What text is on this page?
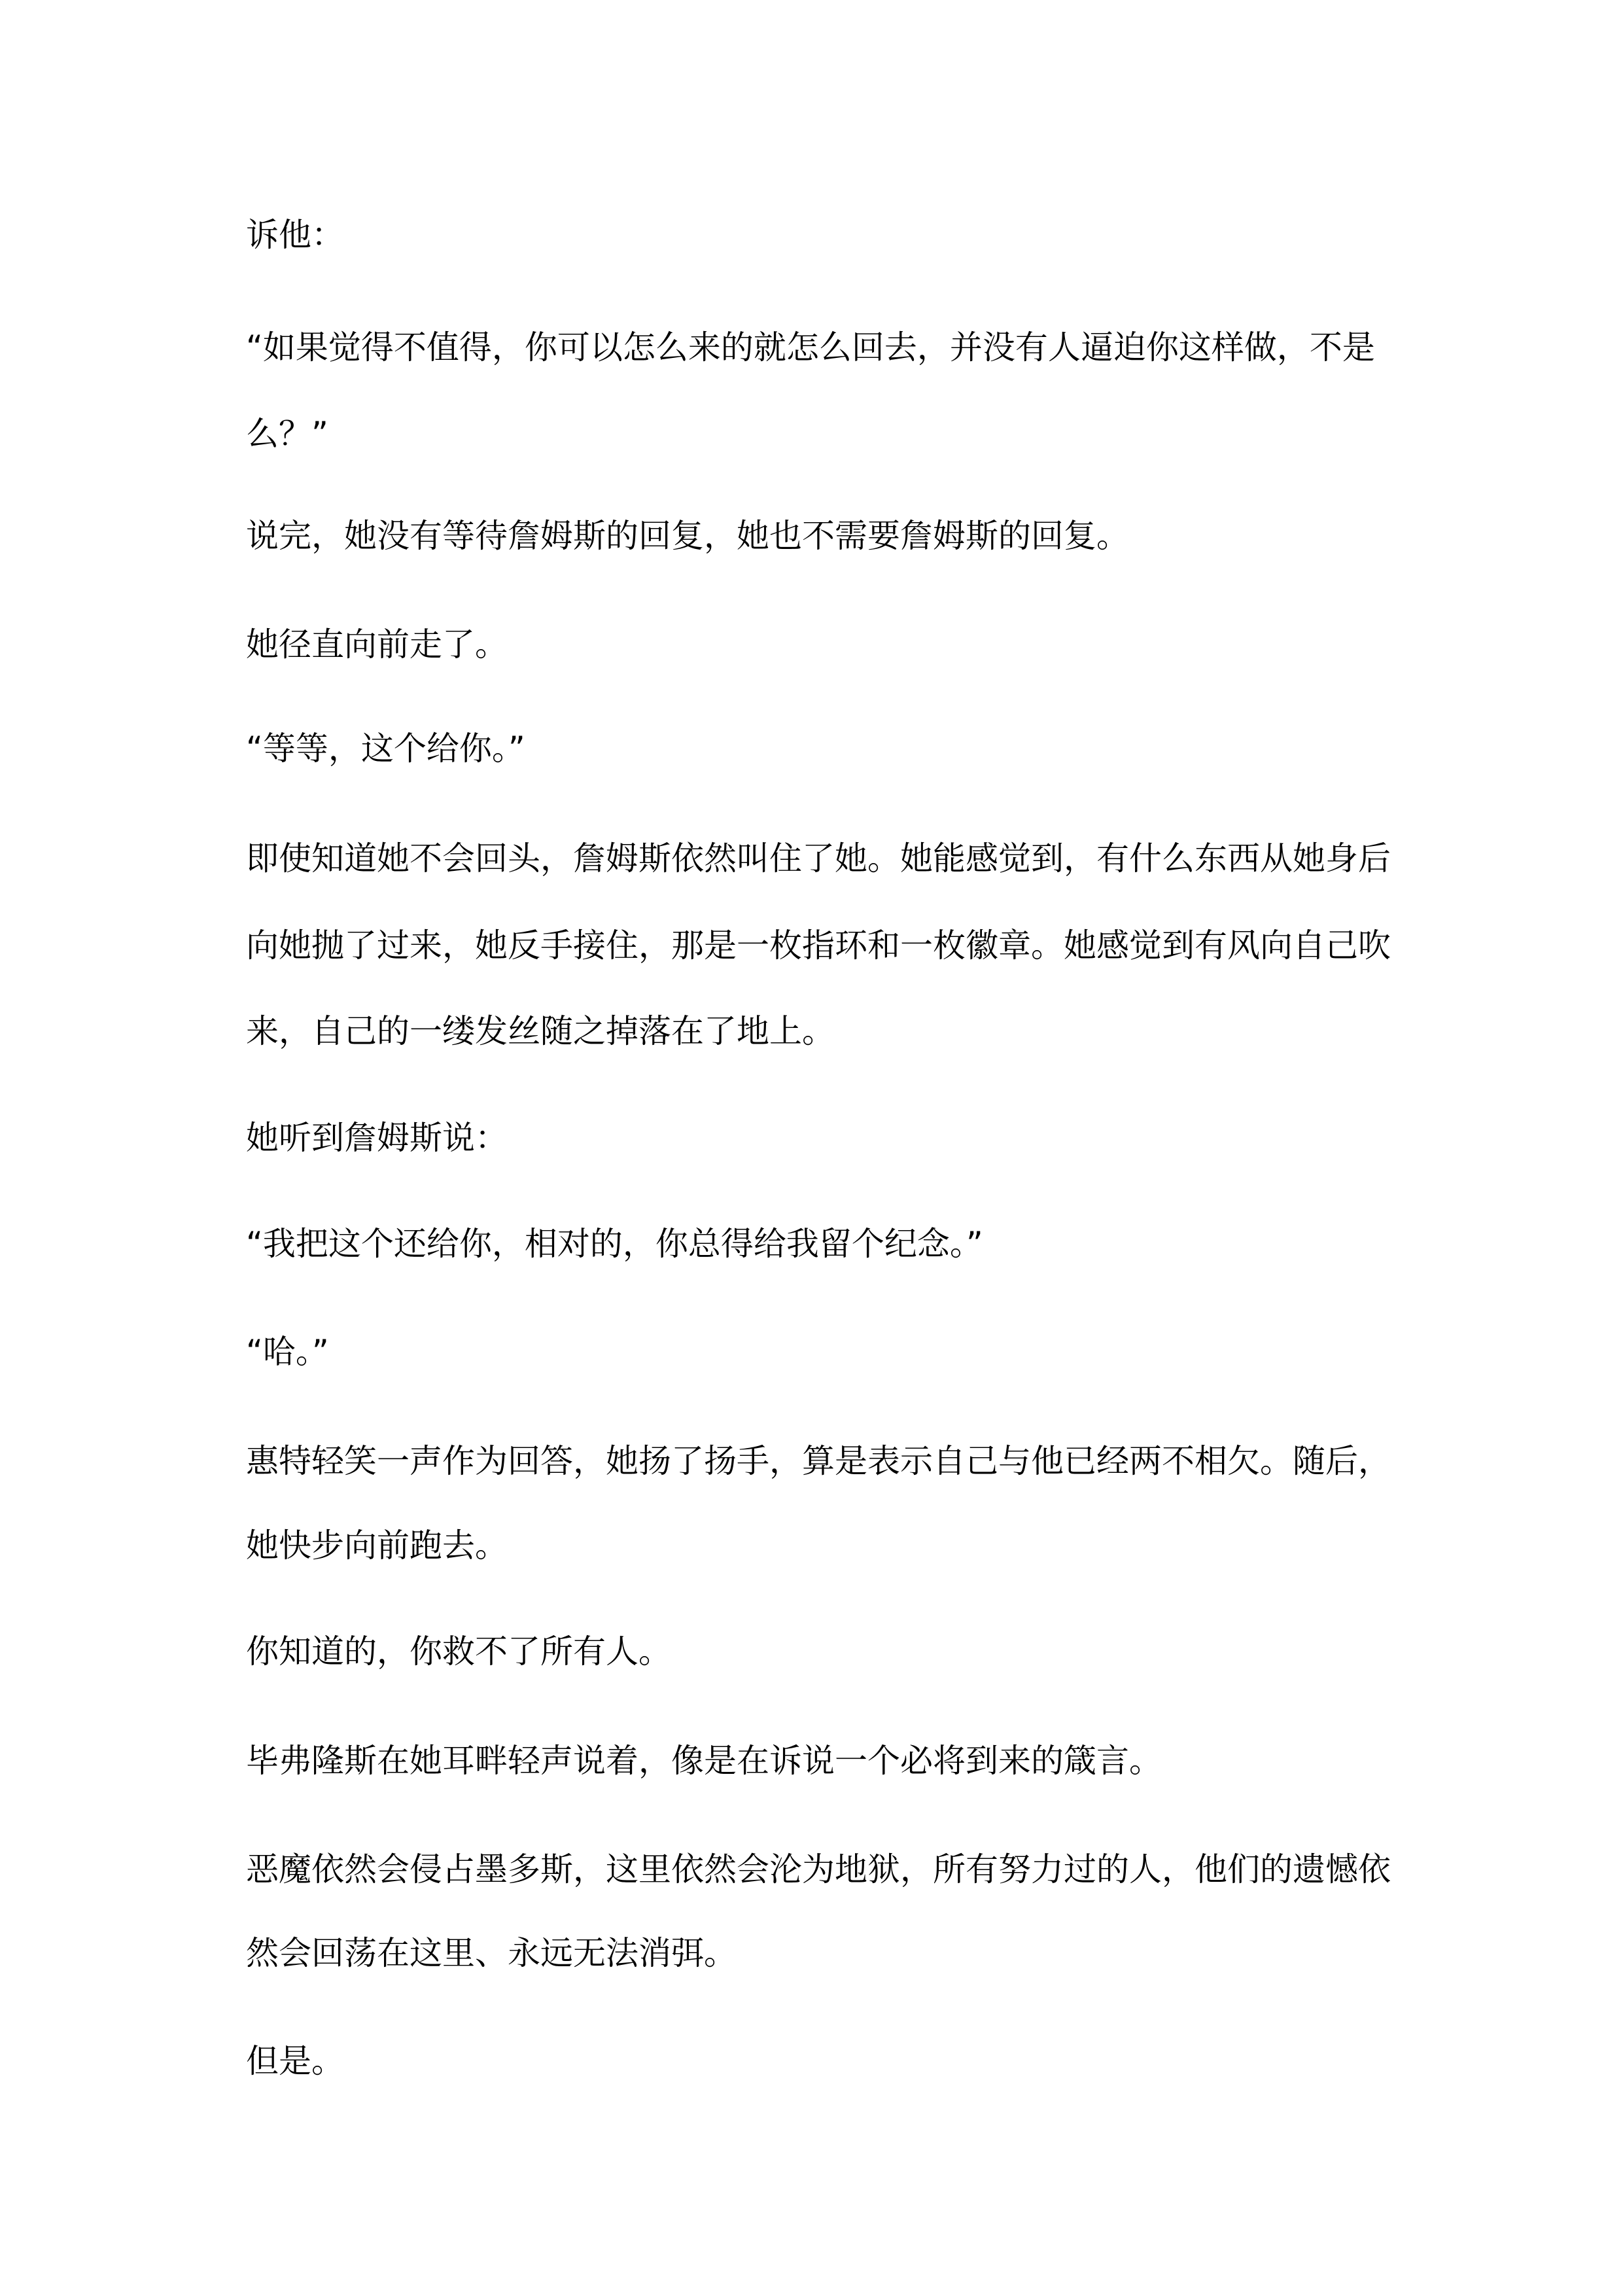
诉他：

“如果觉得不值得，你可以怎么来的就怎么回去，并没有人逼迫你这样做，不是

么？”

说完，她没有等待詹姆斯的回复，她也不需要詹姆斯的回复。

她径直向前走了。

“等等，这个给你。”

即使知道她不会回头，詹姆斯依然叫住了她。她能感觉到，有什么东西从她身后

向她抛了过来，她反手接住，那是一枚指环和一枚徽章。她感觉到有风向自己吹

来，自己的一缕发丝随之掉落在了地上。

她听到詹姆斯说：

“我把这个还给你，相对的，你总得给我留个纪念。”

“哈。”

惠特轻笑一声作为回答，她扬了扬手，算是表示自己与他已经两不相欠。随后，

她快步向前跑去。

你知道的，你救不了所有人。

毕弗隆斯在她耳畔轻声说着，像是在诉说一个必将到来的箴言。

恶魔依然会侵占墨多斯，这里依然会沦为地狱，所有努力过的人，他们的遗憾依

然会回荡在这里、永远无法消弭。

但是。
